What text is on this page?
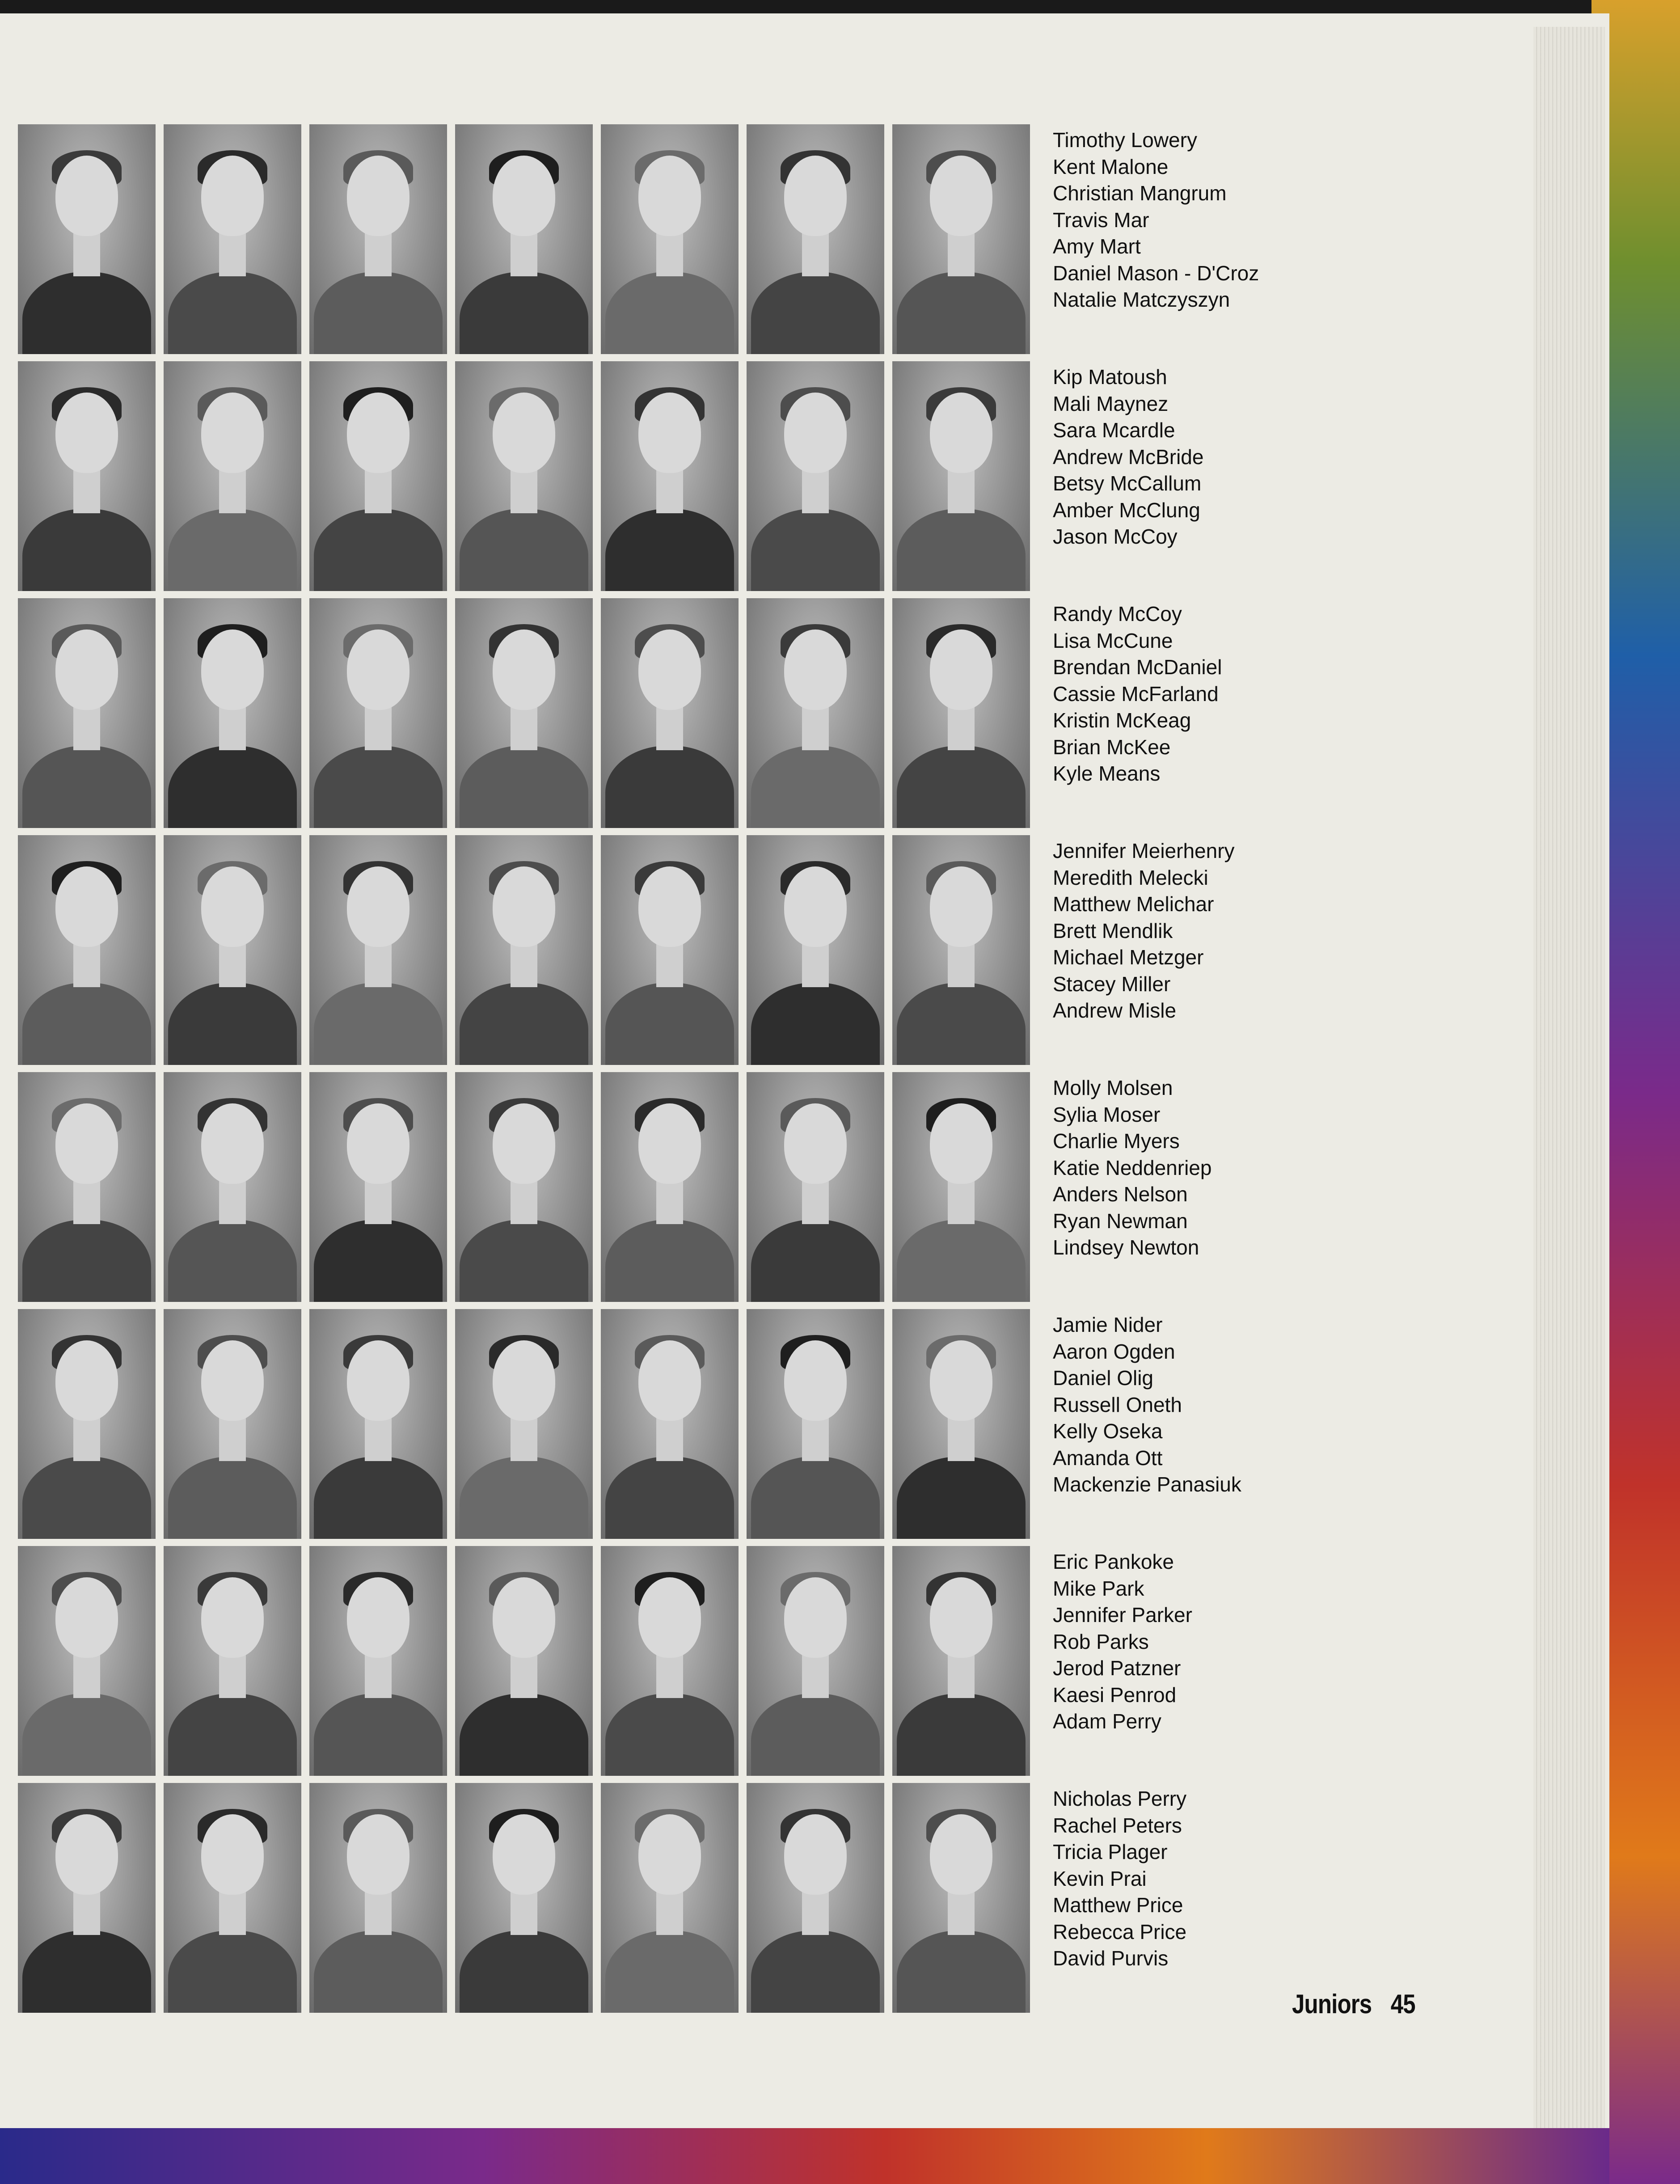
Timothy Lowery
Kent Malone
Christian Mangrum
Travis Mar
Amy Mart
Daniel Mason - D'Croz
Natalie Matczyszyn
Kip Matoush
Mali Maynez
Sara Mcardle
Andrew McBride
Betsy McCallum
Amber McClung
Jason McCoy
Randy McCoy
Lisa McCune
Brendan McDaniel
Cassie McFarland
Kristin McKeag
Brian McKee
Kyle Means
Jennifer Meierhenry
Meredith Melecki
Matthew Melichar
Brett Mendlik
Michael Metzger
Stacey Miller
Andrew Misle
Molly Molsen
Sylia Moser
Charlie Myers
Katie Neddenriep
Anders Nelson
Ryan Newman
Lindsey Newton
Jamie Nider
Aaron Ogden
Daniel Olig
Russell Oneth
Kelly Oseka
Amanda Ott
Mackenzie Panasiuk
Eric Pankoke
Mike Park
Jennifer Parker
Rob Parks
Jerod Patzner
Kaesi Penrod
Adam Perry
Nicholas Perry
Rachel Peters
Tricia Plager
Kevin Prai
Matthew Price
Rebecca Price
David Purvis
Juniors 45
